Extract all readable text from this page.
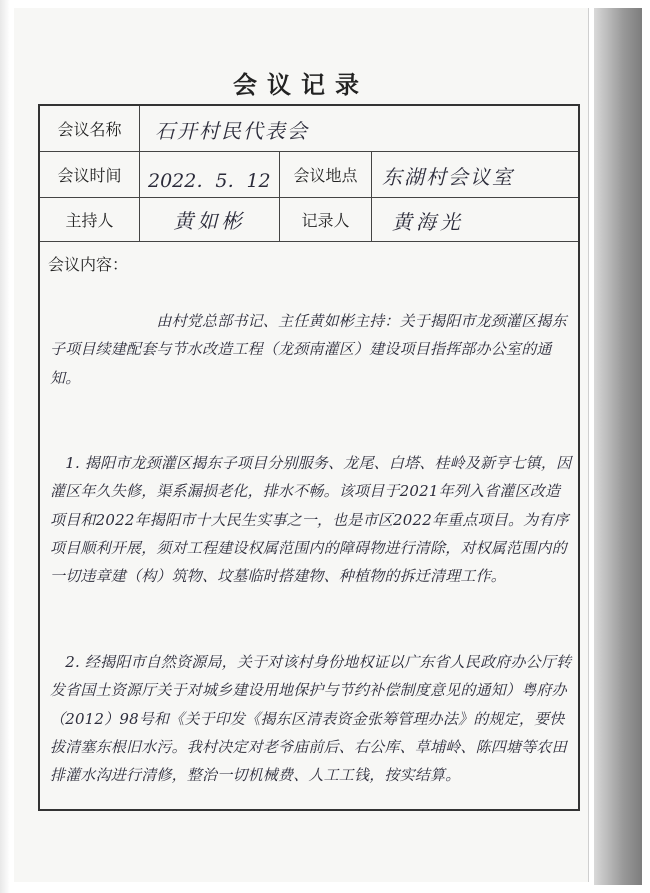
会议记录
会议名称	石开村民代表会
会议时间	2022．5．12	会议地点	东湖村会议室
主持人	黄如彬	记录人	黄海光
会议内容：

　　　　　　　由村党总部书记、主任黄如彬主持：关于揭阳市龙颈灌区揭东子项目续建配套与节水改造工程（龙颈南灌区）建设项目指挥部办公室的通知。

　1. 揭阳市龙颈灌区揭东子项目分别服务、龙尾、白塔、桂岭及新亨七镇，因灌区年久失修，渠系漏损老化，排水不畅。该项目于2021年列入省灌区改造项目和2022年揭阳市十大民生实事之一，也是市区2022年重点项目。为有序项目顺利开展，须对工程建设权属范围内的障碍物进行清除，对权属范围内的一切违章建（构）筑物、坟墓临时搭建物、种植物的拆迁清理工作。

　2. 经揭阳市自然资源局，关于对该村身份地权证以广东省人民政府办公厅转发省国土资源厅关于对城乡建设用地保护与节约补偿制度意见的通知）粤府办（2012）98号和《关于印发《揭东区清表资金张筹管理办法》的规定，要快拔清塞东根旧水污。我村决定对老爷庙前后、右公库、草埔岭、陈四塘等农田排灌水沟进行清修，整治一切机械费、人工工钱，按实结算。
